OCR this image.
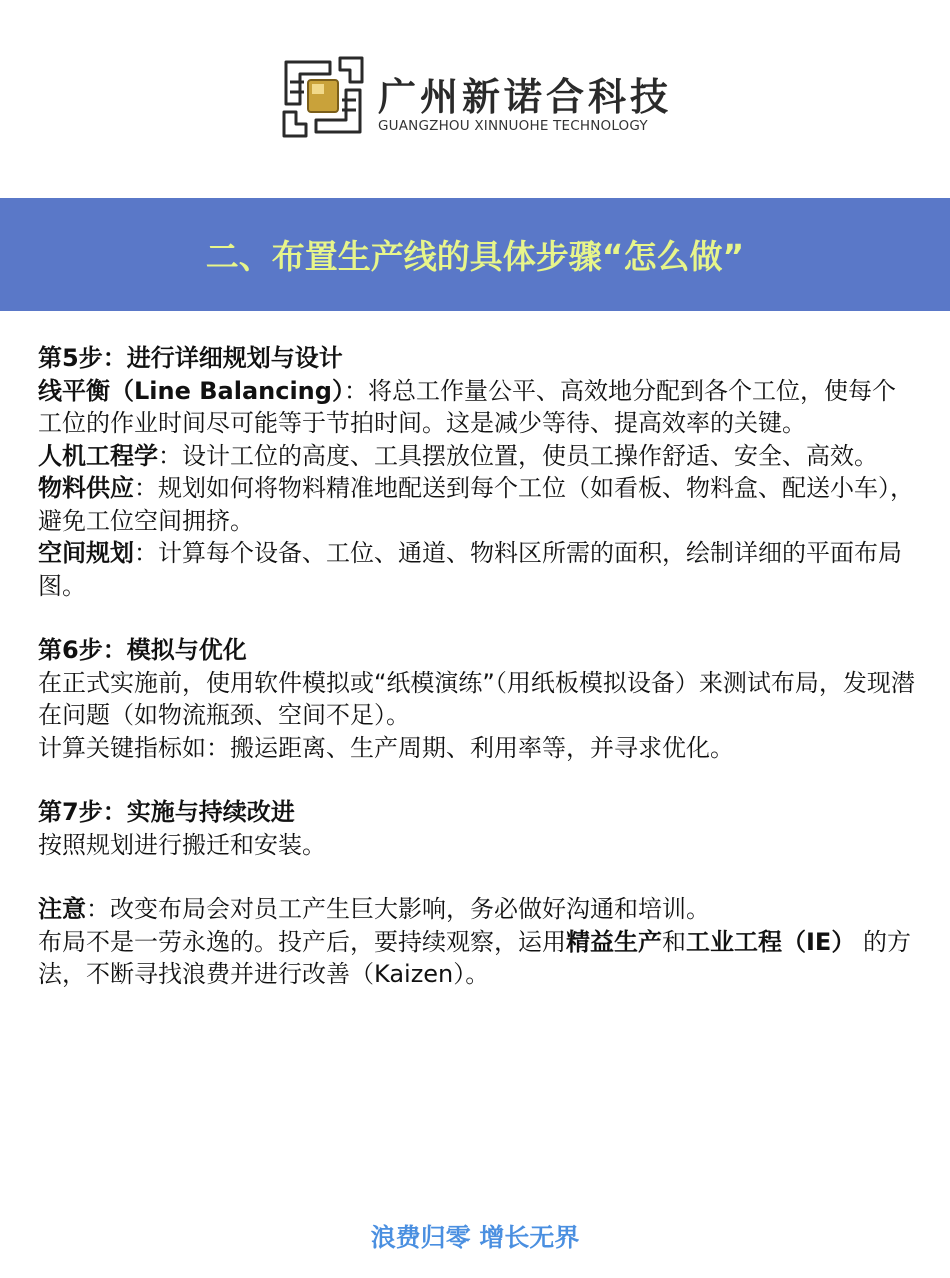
广州新诺合科技
GUANGZHOU XINNUOHE TECHNOLOGY
二、布置生产线的具体步骤“怎么做”

第5步：进行详细规划与设计

线平衡（Line Balancing）：将总工作量公平、高效地分配到各个工位，使每个工位的作业时间尽可能等于节拍时间。这是减少等待、提高效率的关键。

人机工程学：设计工位的高度、工具摆放位置，使员工操作舒适、安全、高效。

物料供应：规划如何将物料精准地配送到每个工位（如看板、物料盒、配送小车），避免工位空间拥挤。

空间规划：计算每个设备、工位、通道、物料区所需的面积，绘制详细的平面布局图。

第6步：模拟与优化

在正式实施前，使用软件模拟或“纸模演练”（用纸板模拟设备）来测试布局，发现潜在问题（如物流瓶颈、空间不足）。

计算关键指标如：搬运距离、生产周期、利用率等，并寻求优化。

第7步：实施与持续改进

按照规划进行搬迁和安装。

注意：改变布局会对员工产生巨大影响，务必做好沟通和培训。

布局不是一劳永逸的。投产后，要持续观察，运用精益生产和工业工程（IE） 的方法，不断寻找浪费并进行改善（Kaizen）。

浪费归零 增长无界
